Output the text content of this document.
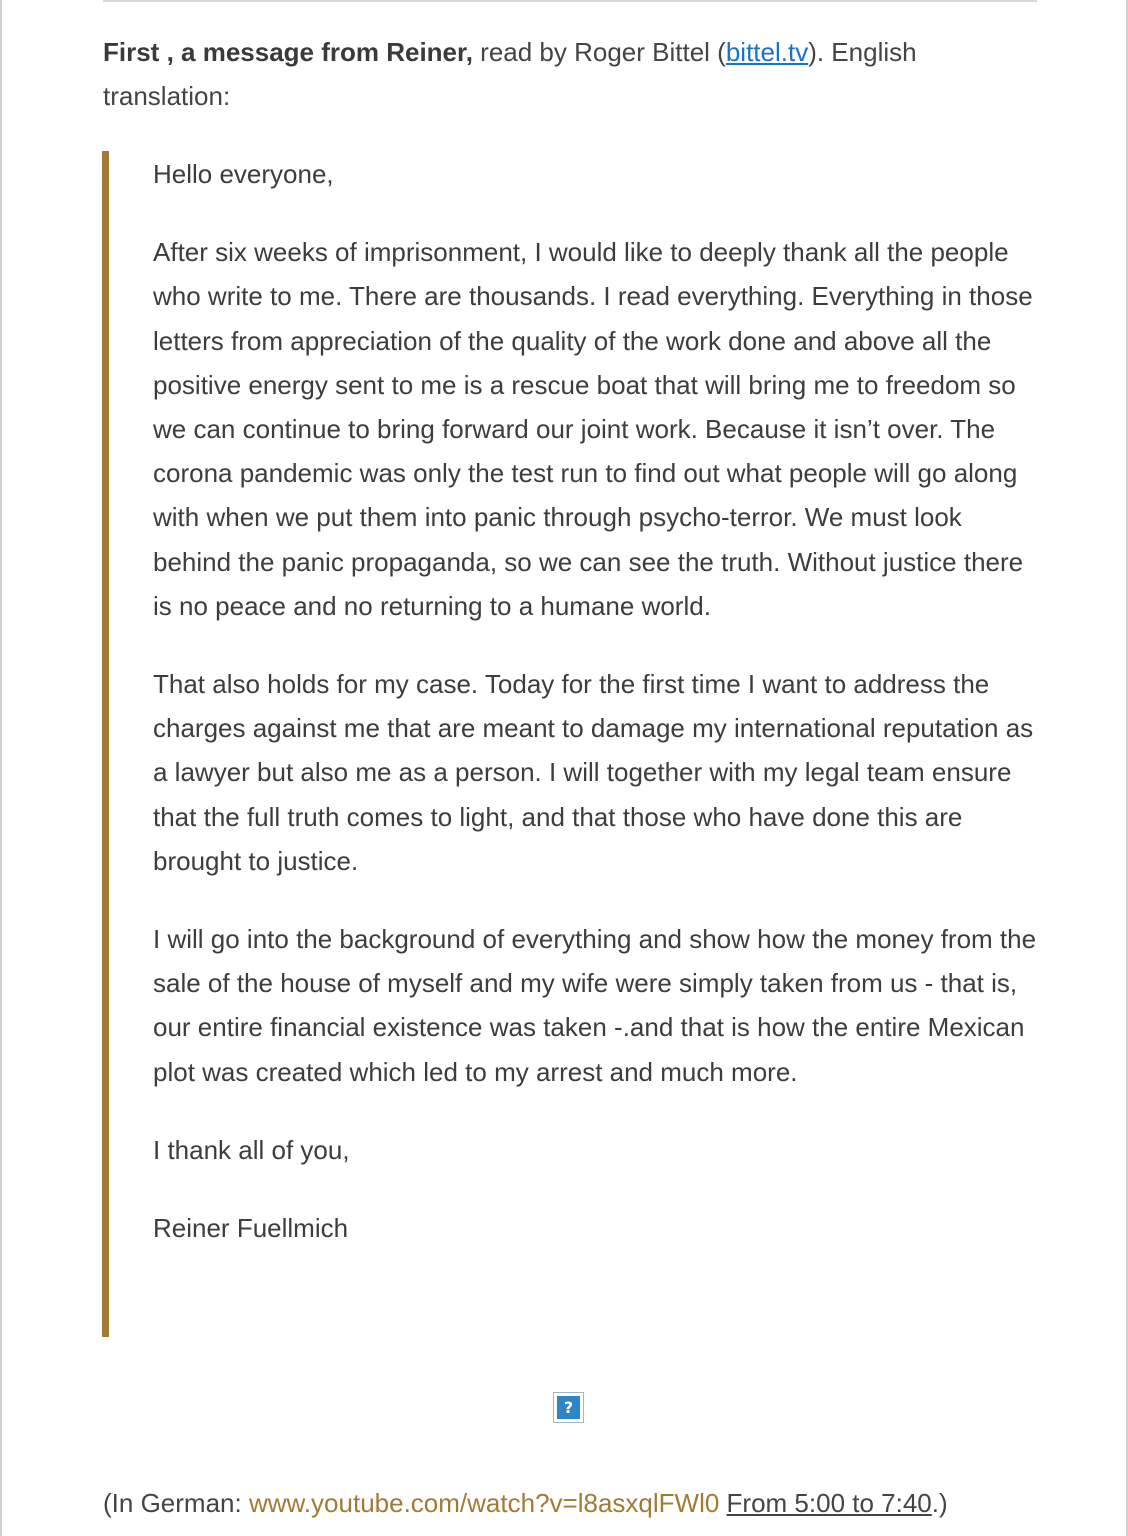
First , a message from Reiner, read by Roger Bittel (bittel.tv). English translation:

Hello everyone,

After six weeks of imprisonment, I would like to deeply thank all the people who write to me. There are thousands. I read everything. Everything in those letters from appreciation of the quality of the work done and above all the positive energy sent to me is a rescue boat that will bring me to freedom so we can continue to bring forward our joint work. Because it isn’t over. The corona pandemic was only the test run to find out what people will go along with when we put them into panic through psycho-terror. We must look behind the panic propaganda, so we can see the truth. Without justice there is no peace and no returning to a humane world.

That also holds for my case. Today for the first time I want to address the charges against me that are meant to damage my international reputation as a lawyer but also me as a person. I will together with my legal team ensure that the full truth comes to light, and that those who have done this are brought to justice.

I will go into the background of everything and show how the money from the sale of the house of myself and my wife were simply taken from us - that is, our entire financial existence was taken -.and that is how the entire Mexican plot was created which led to my arrest and much more.

I thank all of you,

Reiner Fuellmich

?
(In German: www.youtube.com/watch?v=l8asxqlFWl0 From 5:00 to 7:40.)
